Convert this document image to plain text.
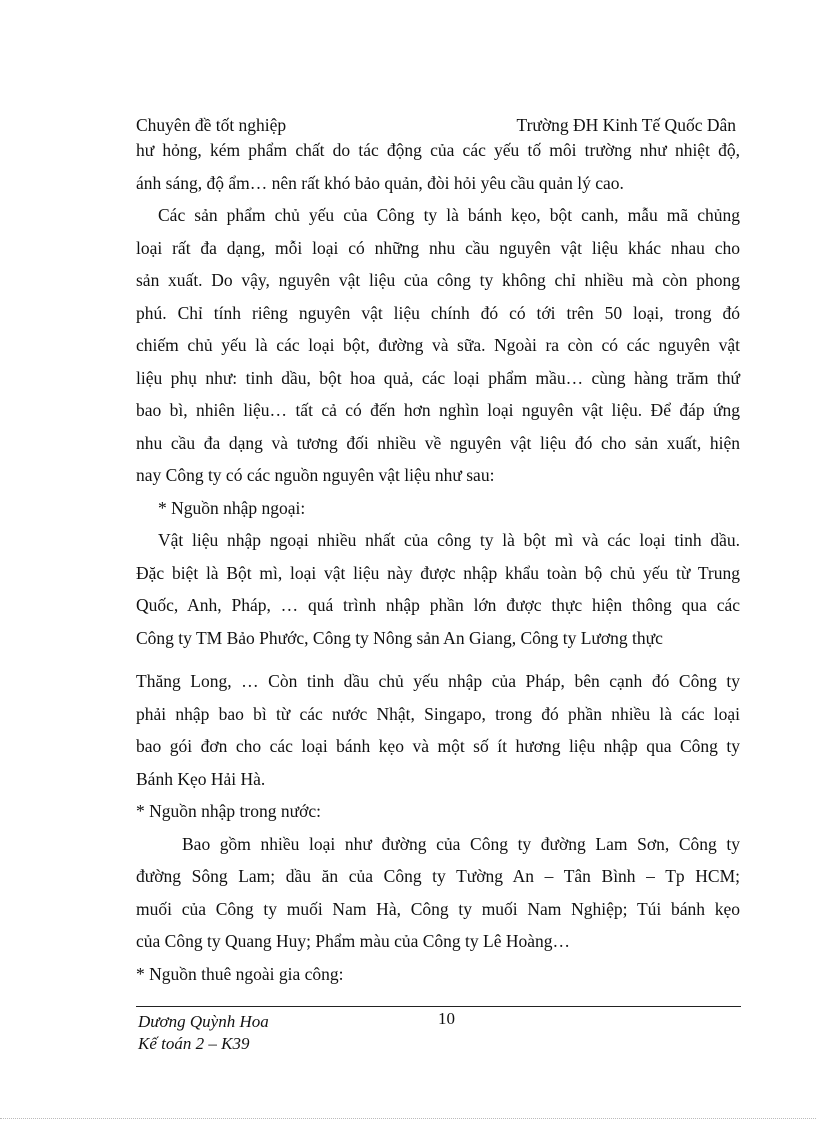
Chuyên đề tốt nghiệp	Trường ĐH Kinh Tế Quốc Dân

hư hỏng, kém phẩm chất do tác động của các yếu tố môi trường như nhiệt độ,

ánh sáng, độ ẩm… nên rất khó bảo quản, đòi hỏi yêu cầu quản lý cao.

Các sản phẩm chủ yếu của Công ty là bánh kẹo, bột canh, mẫu mã chủng

loại rất đa dạng, mỗi loại có những nhu cầu nguyên vật liệu khác nhau cho

sản xuất. Do vậy, nguyên vật liệu của công ty không chỉ nhiều mà còn phong

phú. Chỉ tính riêng nguyên vật liệu chính đó có tới trên 50 loại, trong đó

chiếm chủ yếu là các loại bột, đường và sữa. Ngoài ra còn có các nguyên vật

liệu phụ như: tinh dầu, bột hoa quả, các loại phẩm mầu… cùng hàng trăm thứ

bao bì, nhiên liệu… tất cả có đến hơn nghìn loại nguyên vật liệu. Để đáp ứng

nhu cầu đa dạng và tương đối nhiều về nguyên vật liệu đó cho sản xuất, hiện

nay Công ty có các nguồn nguyên vật liệu như sau:

* Nguồn nhập ngoại:

Vật liệu nhập ngoại nhiều nhất của công ty là bột mì và các loại tinh dầu.

Đặc biệt là Bột mì, loại vật liệu này được nhập khẩu toàn bộ chủ yếu từ Trung

Quốc, Anh, Pháp, … quá trình nhập phần lớn được thực hiện thông qua các

Công ty TM Bảo Phước, Công ty Nông sản An Giang, Công ty Lương thực

Thăng Long, … Còn tinh dầu chủ yếu nhập của Pháp, bên cạnh đó Công ty

phải nhập bao bì từ các nước Nhật, Singapo, trong đó phần nhiều là các loại

bao gói đơn cho các loại bánh kẹo và một số ít hương liệu nhập qua Công ty

Bánh Kẹo Hải Hà.

* Nguồn nhập trong nước:

Bao gồm nhiều loại như đường của Công ty đường Lam Sơn, Công ty

đường Sông Lam; dầu ăn của Công ty Tường An – Tân Bình – Tp HCM;

muối của Công ty muối Nam Hà, Công ty muối Nam Nghiệp; Túi bánh kẹo

của Công ty Quang Huy; Phẩm màu của Công ty Lê Hoàng…

* Nguồn thuê ngoài gia công:

Dương Quỳnh Hoa	10
Kế toán 2 – K39
